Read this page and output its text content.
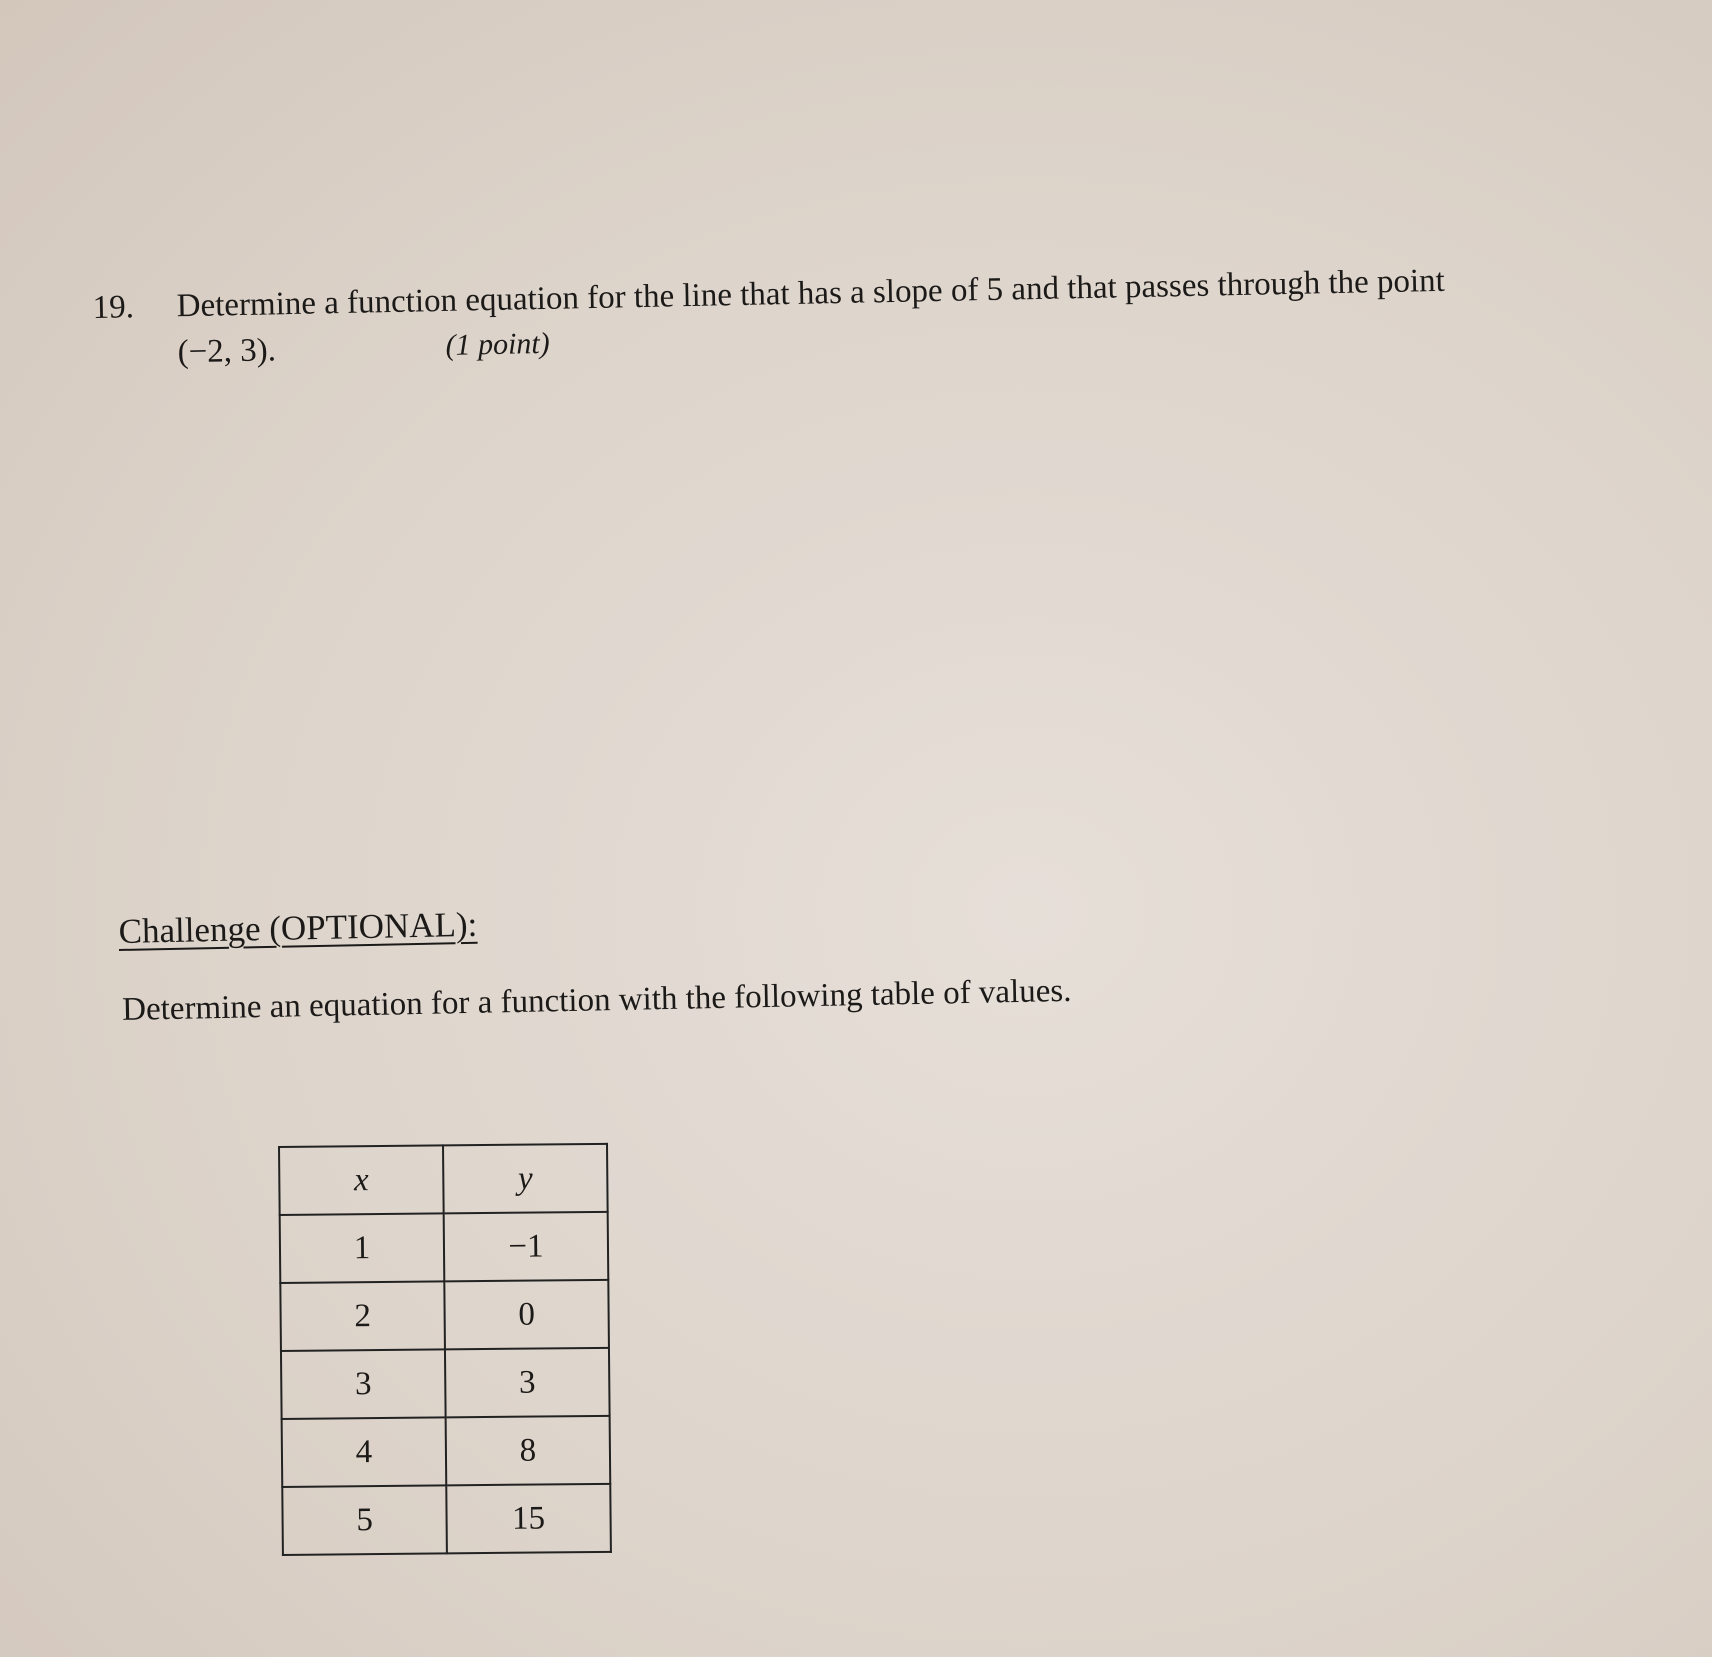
19. Determine a function equation for the line that has a slope of 5 and that passes through the point
(−2, 3).	(1 point)
Challenge (OPTIONAL):
Determine an equation for a function with the following table of values.
x	y
1	−1
2	0
3	3
4	8
5	15
